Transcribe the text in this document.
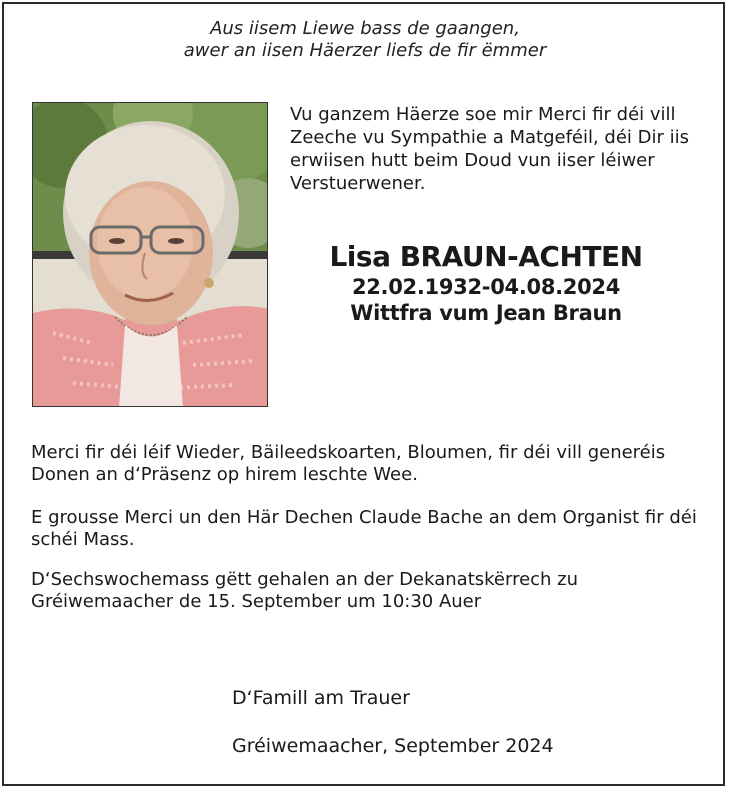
Aus iisem Liewe bass de gaangen,
awer an iisen Häerzer liefs de fir ëmmer
Vu ganzem Häerze soe mir Merci fir déi vill Zeeche vu Sympathie a Matgeféil, déi Dir iis erwiisen hutt beim Doud vun iiser léiwer Verstuerwener.
Lisa BRAUN-ACHTEN
22.02.1932-04.08.2024
Wittfra vum Jean Braun
Merci fir déi léif Wieder, Bäileedskoarten, Bloumen, fir déi vill generéis Donen an d‘Präsenz op hirem leschte Wee.
E grousse Merci un den Här Dechen Claude Bache an dem Organist fir déi schéi Mass.
D‘Sechswochemass gëtt gehalen an der Dekanatskërrech zu Gréiwemaacher de 15. September um 10:30 Auer
D‘Famill am Trauer
Gréiwemaacher, September 2024
